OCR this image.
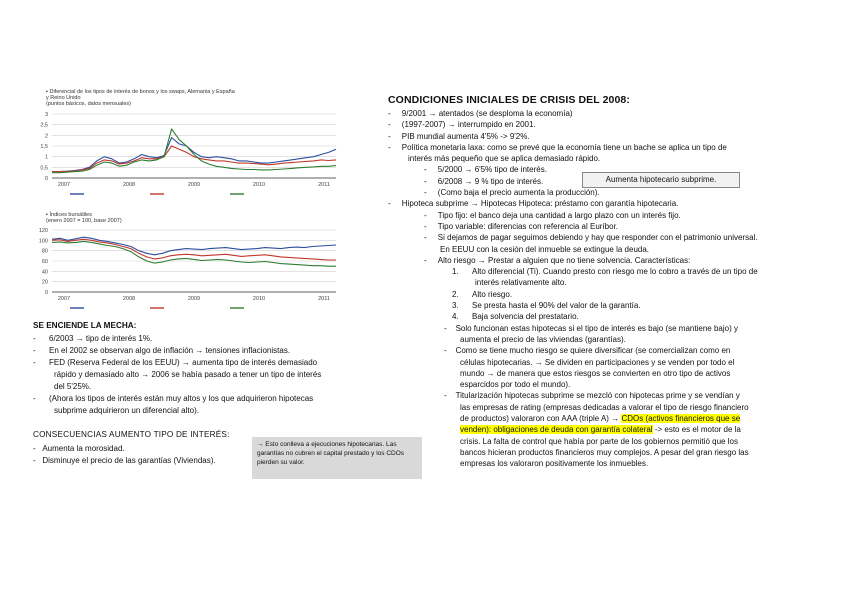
▪ Diferencial de los tipos de interés de bonos y los swaps, Alemania y España
y Reino Unido
(puntos básicos, datos mensuales)
3
2,5
2
1,5
1
0,5
0
2007	2008	2009	2010	2011
▪ Índices bursátiles
(enero 2007 = 100, base 2007)
120
100
80
60
40
20
0
2007	2008	2009	2010	2011
SE ENCIENDE LA MECHA:
-      6/2003 → tipo de interés 1%.
-      En el 2002 se observan algo de inflación → tensiones inflacionistas.
-      FED (Reserva Federal de los EEUU) → aumenta tipo de interés demasiado
rápido y demasiado alto → 2006 se había pasado a tener un tipo de interés
del 5'25%.
-      (Ahora los tipos de interés están muy altos y los que adquirieron hipotecas
subprime adquirieron un diferencial alto).
CONSECUENCIAS AUMENTO TIPO DE INTERÉS:
-   Aumenta la morosidad.
-   Disminuye el precio de las garantías (Viviendas).
→ Esto conlleva a ejecuciones hipotecarias. Las garantías no cubren el capital prestado y los CDOs pierden su valor.
CONDICIONES INICIALES DE CRISIS DEL 2008:
-     9/2001 → atentados (se desploma la economía)
-     (1997-2007) → interrumpido en 2001.
-     PIB mundial aumenta 4'5% -> 9'2%.
-     Política monetaria laxa: como se prevé que la economía tiene un bache se aplica un tipo de
interés más pequeño que se aplica demasiado rápido.
-     5/2000 → 6'5% tipo de interés.
-     6/2008 → 9 % tipo de interés.
-     (Como baja el precio aumenta la producción).
-     Hipoteca subprime → Hipotecas Hipoteca: préstamo con garantía hipotecaria.
-     Tipo fijo: el banco deja una cantidad a largo plazo con un interés fijo.
-     Tipo variable: diferencias con referencia al Euríbor.
-     Si dejamos de pagar seguimos debiendo y hay que responder con el patrimonio universal.
En EEUU con la cesión del inmueble se extingue la deuda.
-     Alto riesgo → Prestar a alguien que no tiene solvencia. Características:
1.      Alto diferencial (Ti). Cuando presto con riesgo me lo cobro a través de un tipo de
interés relativamente alto.
2.      Alto riesgo.
3.      Se presta hasta el 90% del valor de la garantía.
4.      Baja solvencia del prestatario.
-    Solo funcionan estas hipotecas si el tipo de interés es bajo (se mantiene bajo) y
aumenta el precio de las viviendas (garantías).
-    Como se tiene mucho riesgo se quiere diversificar (se comercializan como en
células hipotecarias. → Se dividen en participaciones y se venden por todo el
mundo → de manera que estos riesgos se convierten en otro tipo de activos
esparcidos por todo el mundo).
-    Titularización hipotecas subprime se mezcló con hipotecas prime y se vendían y
las empresas de rating (empresas dedicadas a valorar el tipo de riesgo financiero
de productos) valoraron con AAA (triple A) → CDOs (activos financieros que se
venden): obligaciones de deuda con garantía colateral -> esto es el motor de la
crisis. La falta de control que había por parte de los gobiernos permitió que los
bancos hicieran productos financieros muy complejos. A pesar del gran riesgo las
empresas los valoraron positivamente los inmuebles.
Aumenta hipotecario subprime.
